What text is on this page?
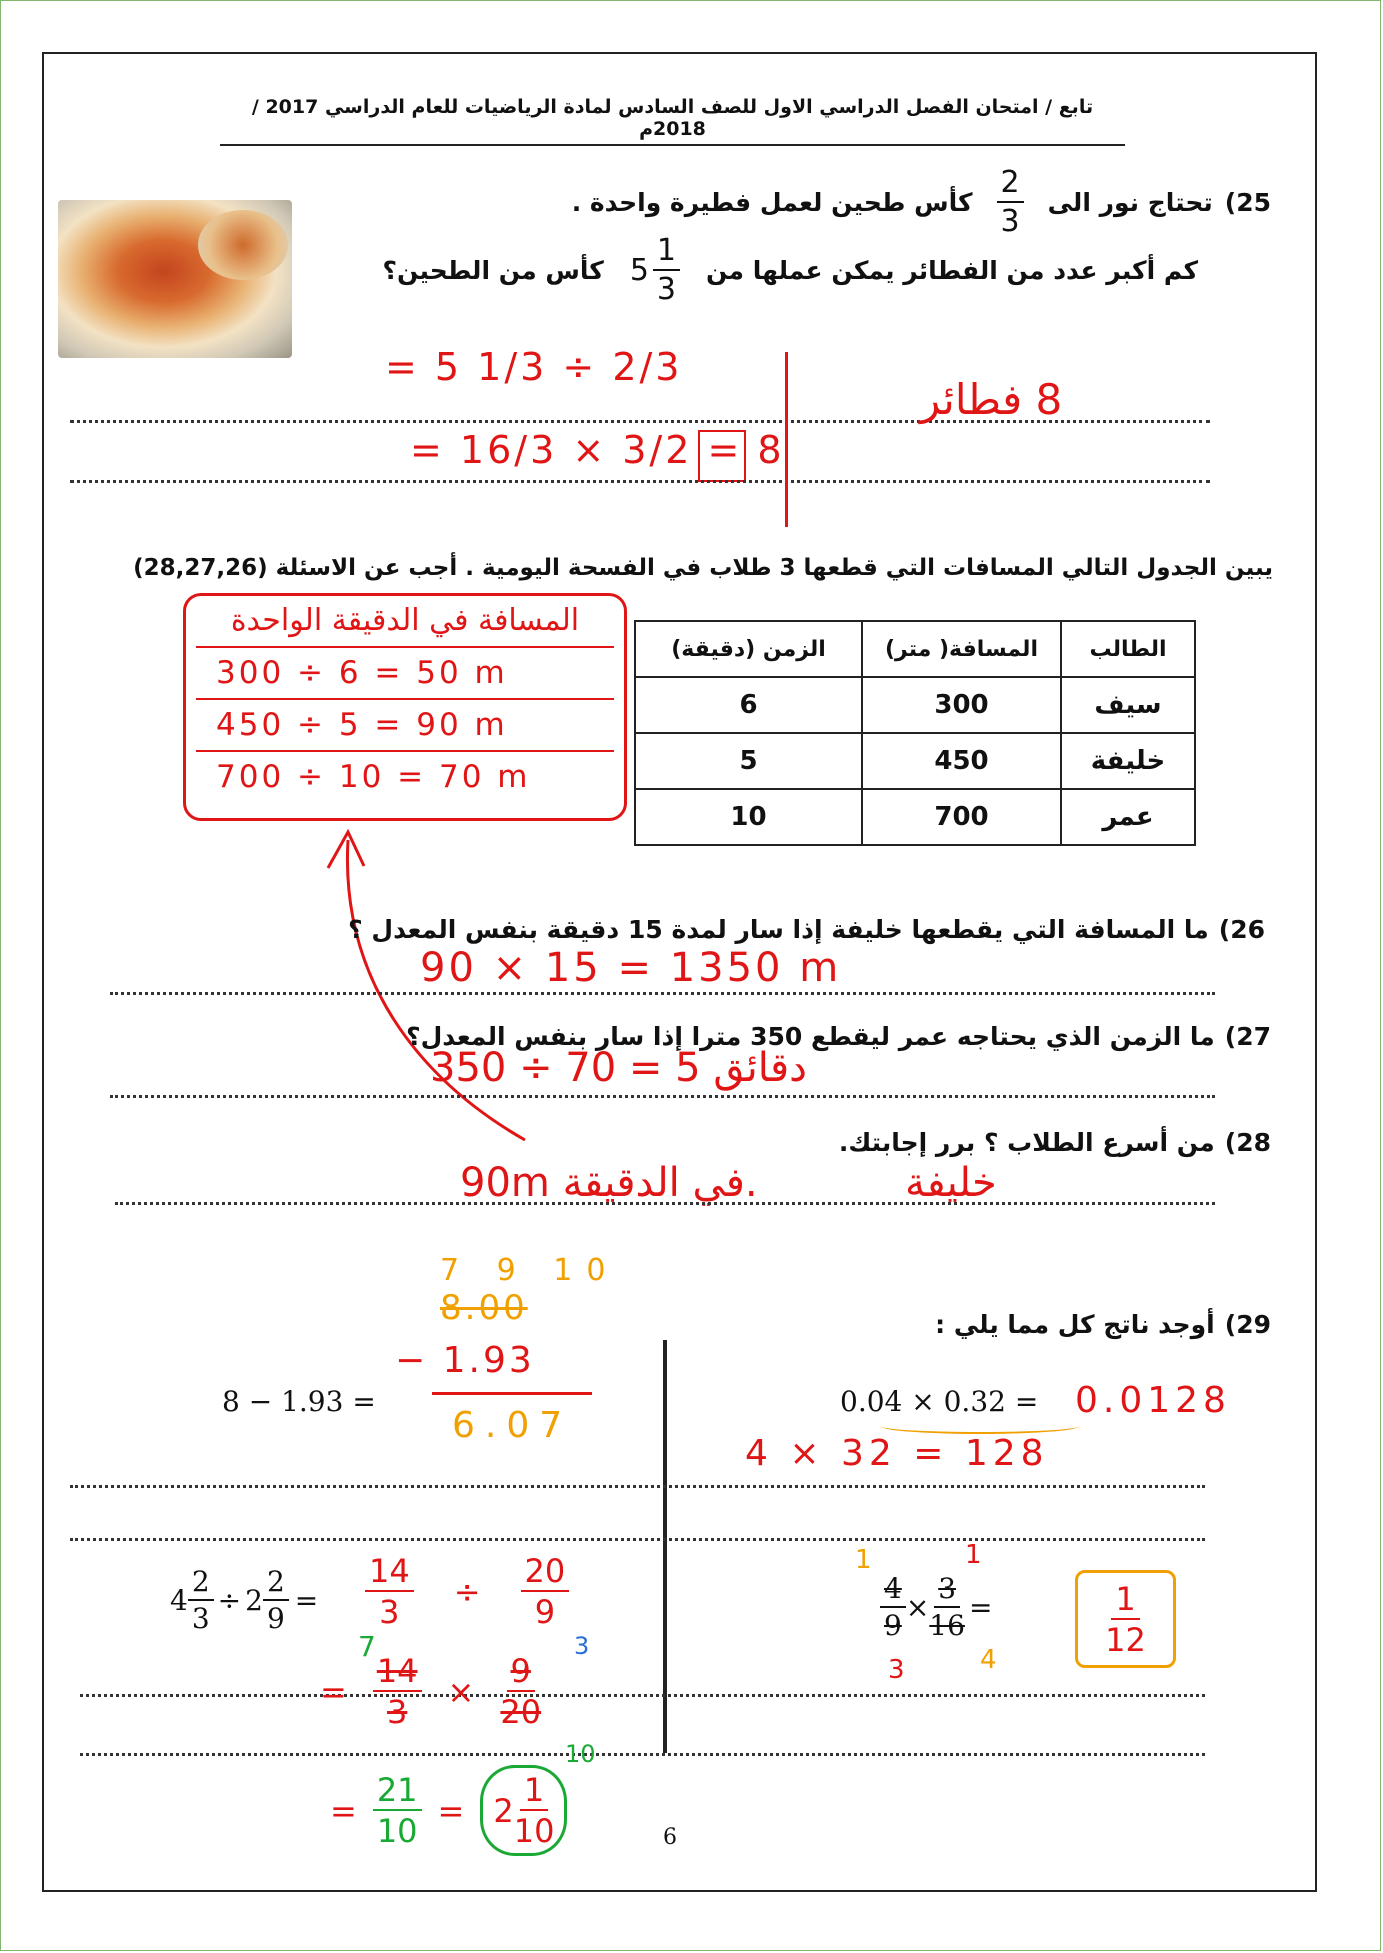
تابع / امتحان الفصل الدراسي الاول للصف السادس لمادة الرياضيات للعام الدراسي 2017 / 2018م
25)
تحتاج نور الى
$\frac{2}{3}$
كأس طحين لعمل فطيرة واحدة .
كم أكبر عدد من الفطائر يمكن عملها من
$5 \frac{1}{3}$
كأس من الطحين؟
= 5 1/3 ÷ 2/3
= 16/3 × 3/2 = 8
8 فطائر
يبين الجدول التالي المسافات التي قطعها 3 طلاب في الفسحة اليومية . أجب عن الاسئلة (28,27,26)
المسافة في الدقيقة الواحدة
300 ÷ 6 = 50 m
450 ÷ 5 = 90 m
700 ÷ 10 = 70 m
الطالب	المسافة( متر)	الزمن (دقيقة)
سيف	300	6
خليفة	450	5
عمر	700	10
26)
ما المسافة التي يقطعها خليفة إذا سار لمدة 15 دقيقة بنفس المعدل ؟
90 × 15 = 1350 m
27)
ما الزمن الذي يحتاجه عمر ليقطع 350 مترا إذا سار بنفس المعدل؟
350 ÷ 70 = 5 دقائق
28)
من أسرع الطلاب ؟ برر إجابتك.
90m في الدقيقة.	خليفة
29)
أوجد ناتج كل مما يلي :
8 − 1.93 =
7 9 10
8.00
− 1.93
6.07
0.04 × 0.32 = 0.0128
4 × 32 = 128
$4 \frac{2}{3} \div 2 \frac{2}{9} = \frac{14}{3} \div \frac{20}{9}$
7	3
= $\frac{14}{3} \times \frac{9}{20}$
= $\frac{21}{10} = 2 \frac{1}{10}$
10
1	1
$\frac{4}{9} \times \frac{3}{16}$ =
3	4
$\frac{1}{12}$
6
